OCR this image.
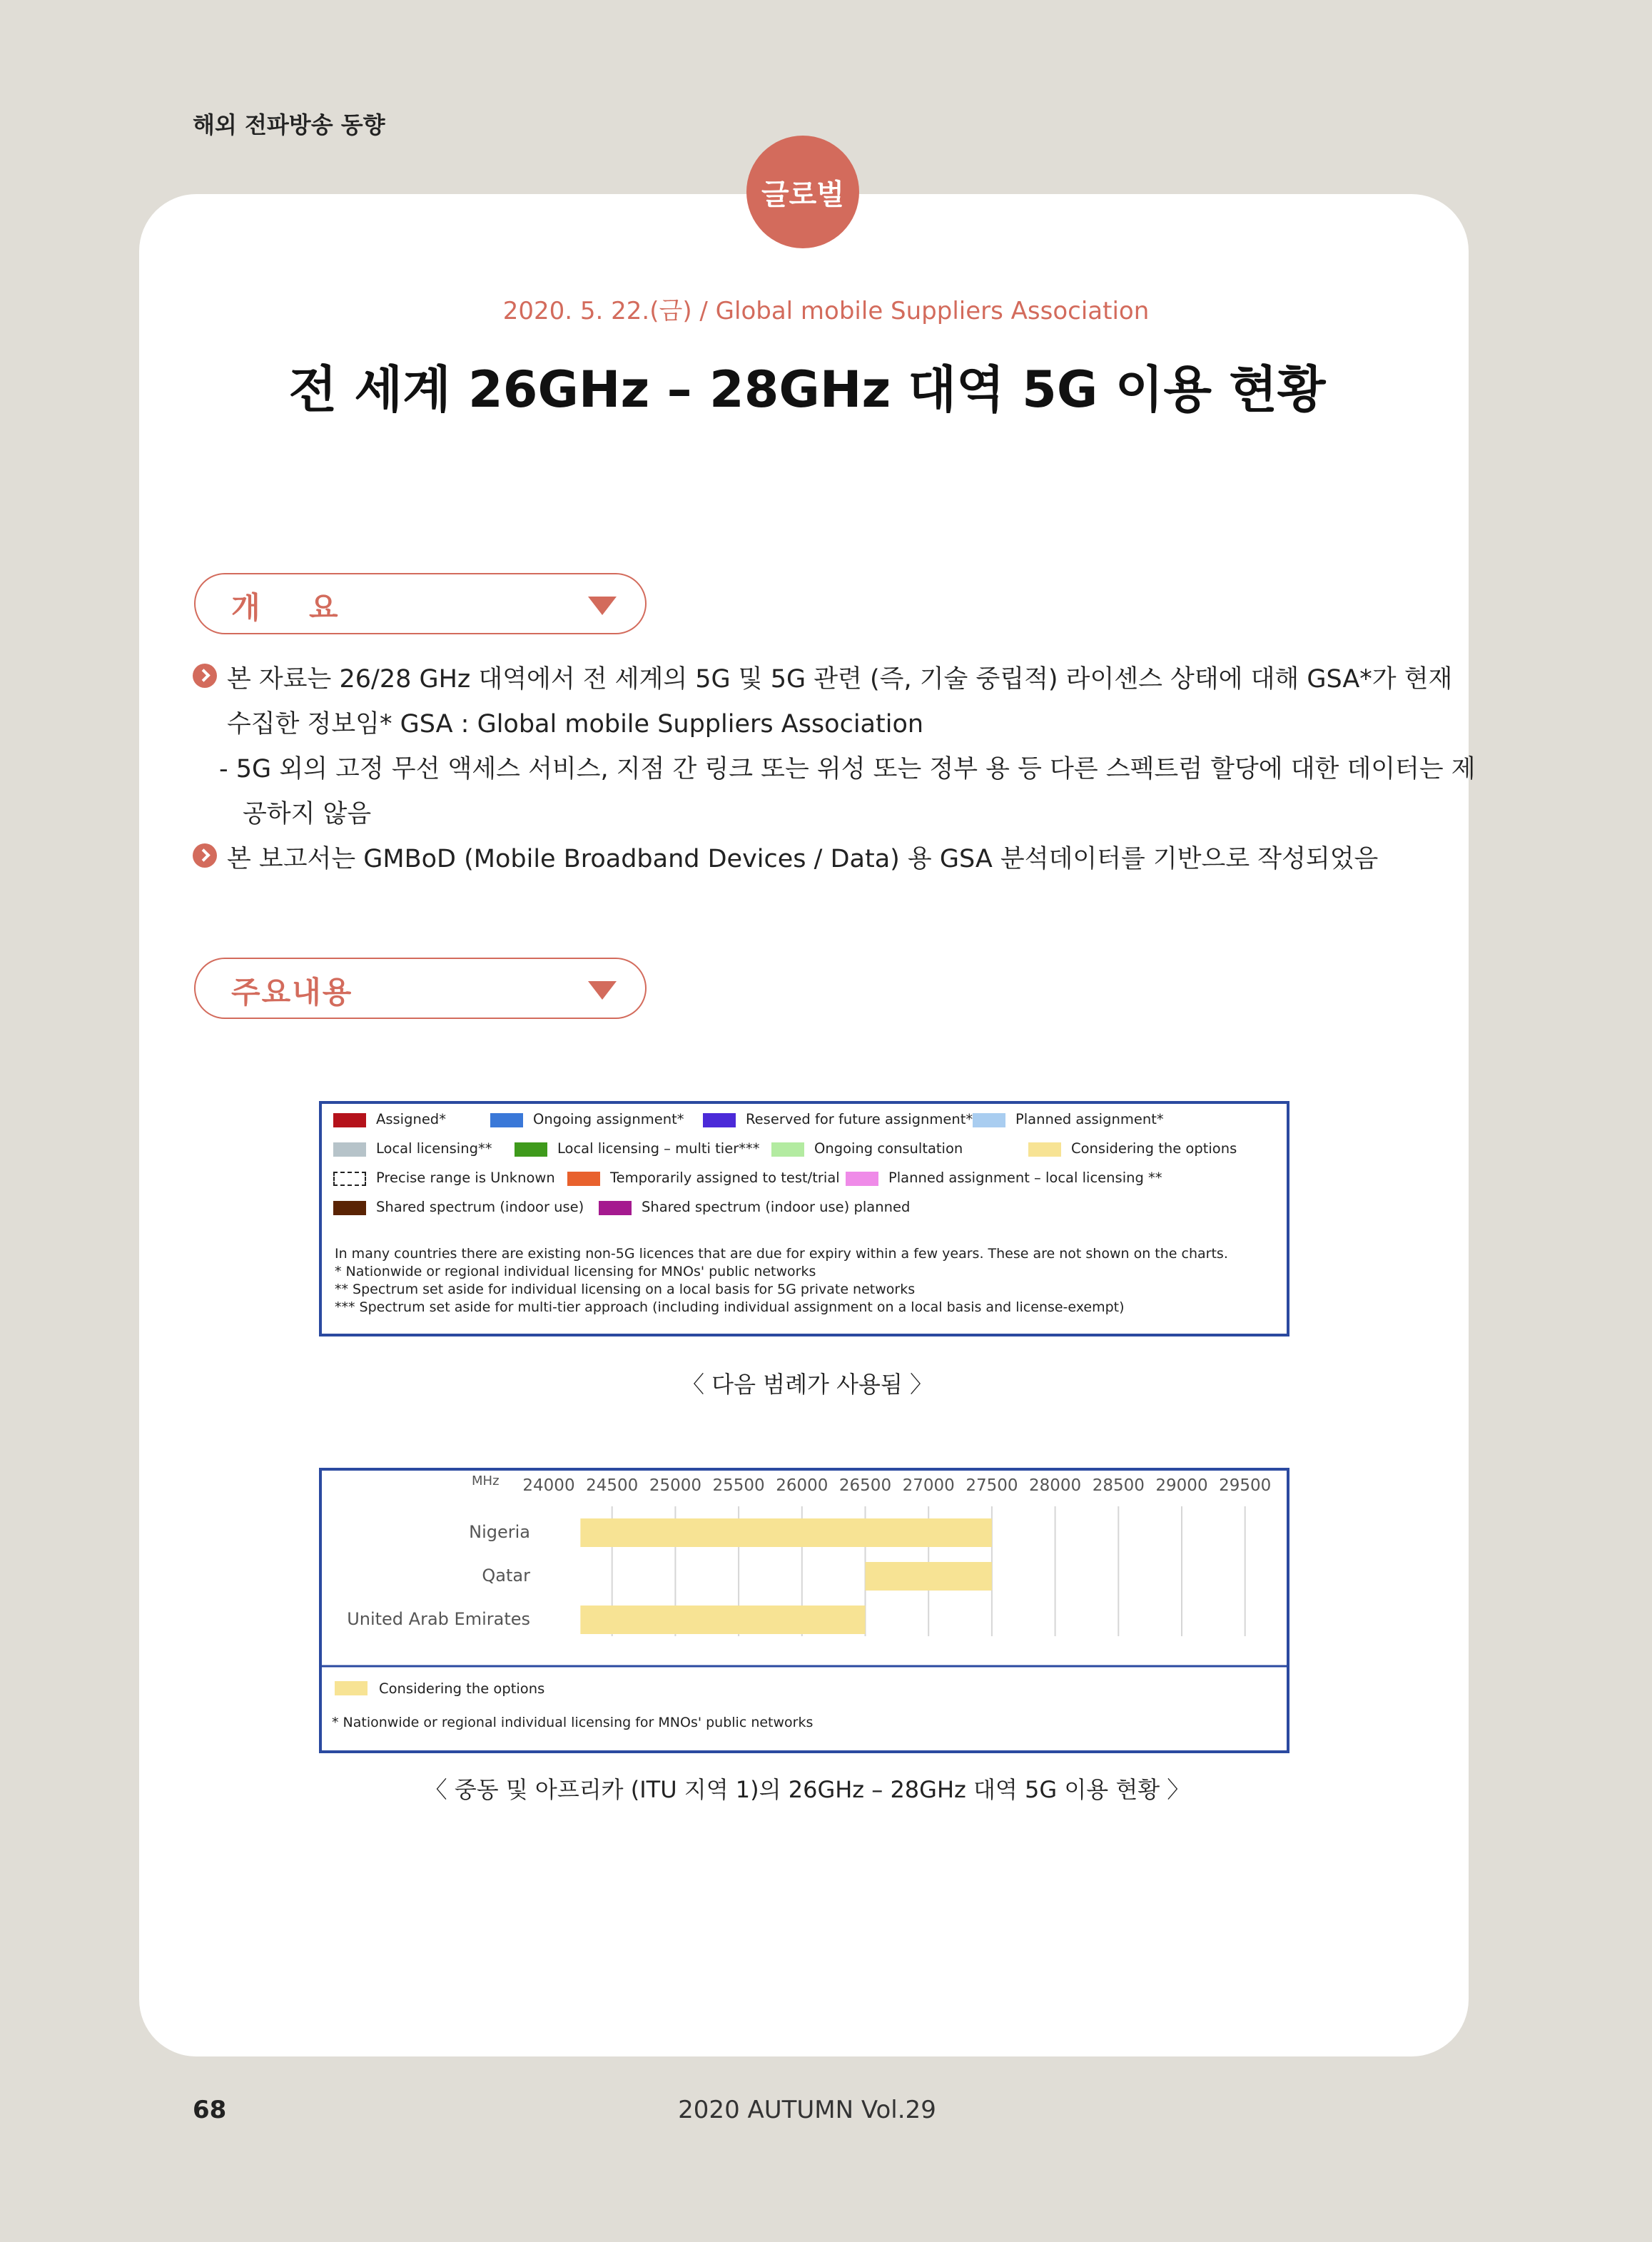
해외 전파방송 동향
글로벌
2020. 5. 22.(금) / Global mobile Suppliers Association
전 세계 26GHz – 28GHz 대역 5G 이용 현황
개    요
본 자료는 26/28 GHz 대역에서 전 세계의 5G 및 5G 관련 (즉, 기술 중립적) 라이센스 상태에 대해 GSA*가 현재
수집한 정보임* GSA : Global mobile Suppliers Association
- 5G 외의 고정 무선 액세스 서비스, 지점 간 링크 또는 위성 또는 정부 용 등 다른 스펙트럼 할당에 대한 데이터는 제
공하지 않음
본 보고서는 GMBoD (Mobile Broadband Devices / Data) 용 GSA 분석데이터를 기반으로 작성되었음
주요내용
Assigned*	Ongoing assignment*	Reserved for future assignment*	Planned assignment*
Local licensing**	Local licensing – multi tier***	Ongoing consultation	Considering the options
Precise range is Unknown	Temporarily assigned to test/trial	Planned assignment – local licensing **
Shared spectrum (indoor use)	Shared spectrum (indoor use) planned
In many countries there are existing non-5G licences that are due for expiry within a few years. These are not shown on the charts.
* Nationwide or regional individual licensing for MNOs' public networks
** Spectrum set aside for individual licensing on a local basis for 5G private networks
*** Spectrum set aside for multi-tier approach (including individual assignment on a local basis and license-exempt)
〈 다음 범례가 사용됨 〉
MHz 24000 24500 25000 25500 26000 26500 27000 27500 28000 28500 29000 29500
Nigeria
Qatar
United Arab Emirates
Considering the options
* Nationwide or regional individual licensing for MNOs' public networks
〈 중동 및 아프리카 (ITU 지역 1)의 26GHz – 28GHz 대역 5G 이용 현황 〉
68	2020 AUTUMN Vol.29
